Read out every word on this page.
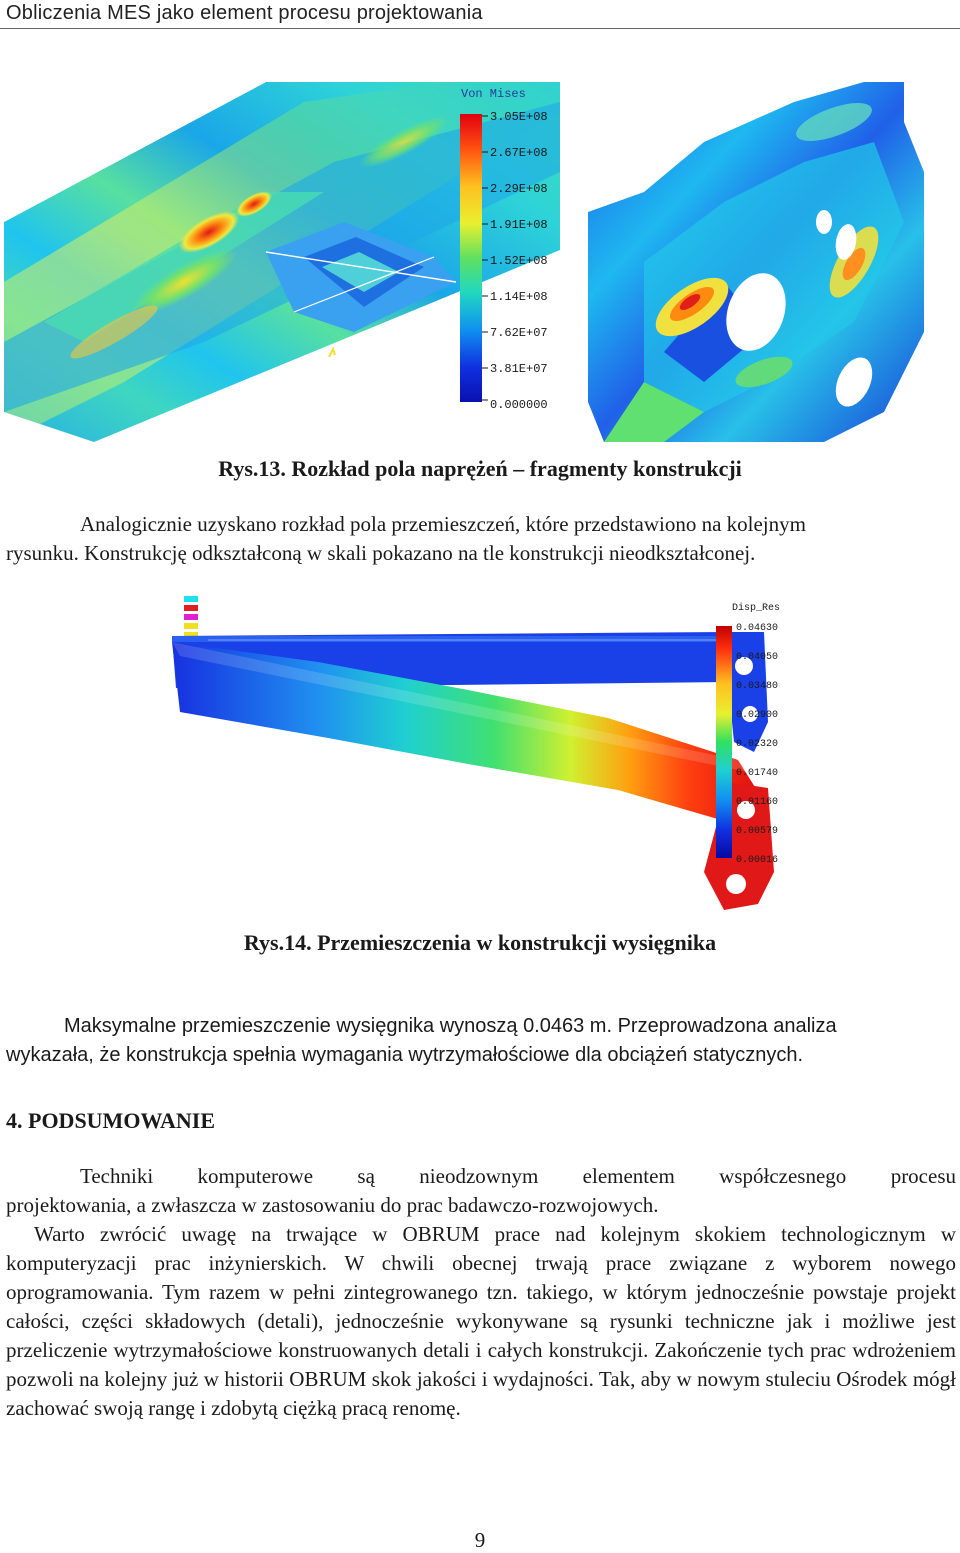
Obliczenia MES jako element procesu projektowania
Von Mises
3.05E+08
2.67E+08
2.29E+08
1.91E+08
1.52E+08
1.14E+08
7.62E+07
3.81E+07
0.000000
Rys.13. Rozkład pola naprężeń – fragmenty konstrukcji
Analogicznie uzyskano rozkład pola przemieszczeń, które przedstawiono na kolejnym
rysunku. Konstrukcję odkształconą w skali pokazano na tle konstrukcji nieodkształconej.
Disp_Res
0.04630
0.04050
0.03480
0.02900
0.02320
0.01740
0.01160
0.00579
0.00016
Rys.14. Przemieszczenia w konstrukcji wysięgnika
Maksymalne przemieszczenie wysięgnika wynoszą 0.0463 m. Przeprowadzona analiza
wykazała, że konstrukcja spełnia wymagania wytrzymałościowe dla obciążeń statycznych.
4. PODSUMOWANIE
Techniki komputerowe są nieodzownym elementem współczesnego procesu
projektowania, a zwłaszcza w zastosowaniu do prac badawczo-rozwojowych.
Warto zwrócić uwagę na trwające w OBRUM prace nad kolejnym skokiem technologicznym w komputeryzacji prac inżynierskich. W chwili obecnej trwają prace związane z wyborem nowego oprogramowania. Tym razem w pełni zintegrowanego tzn. takiego, w którym jednocześnie powstaje projekt całości, części składowych (detali), jednocześnie wykonywane są rysunki techniczne jak i możliwe jest przeliczenie wytrzymałościowe konstruowanych detali i całych konstrukcji. Zakończenie tych prac wdrożeniem pozwoli na kolejny już w historii OBRUM skok jakości i wydajności. Tak, aby w nowym stuleciu Ośrodek mógł zachować swoją rangę i zdobytą ciężką pracą renomę.
9
